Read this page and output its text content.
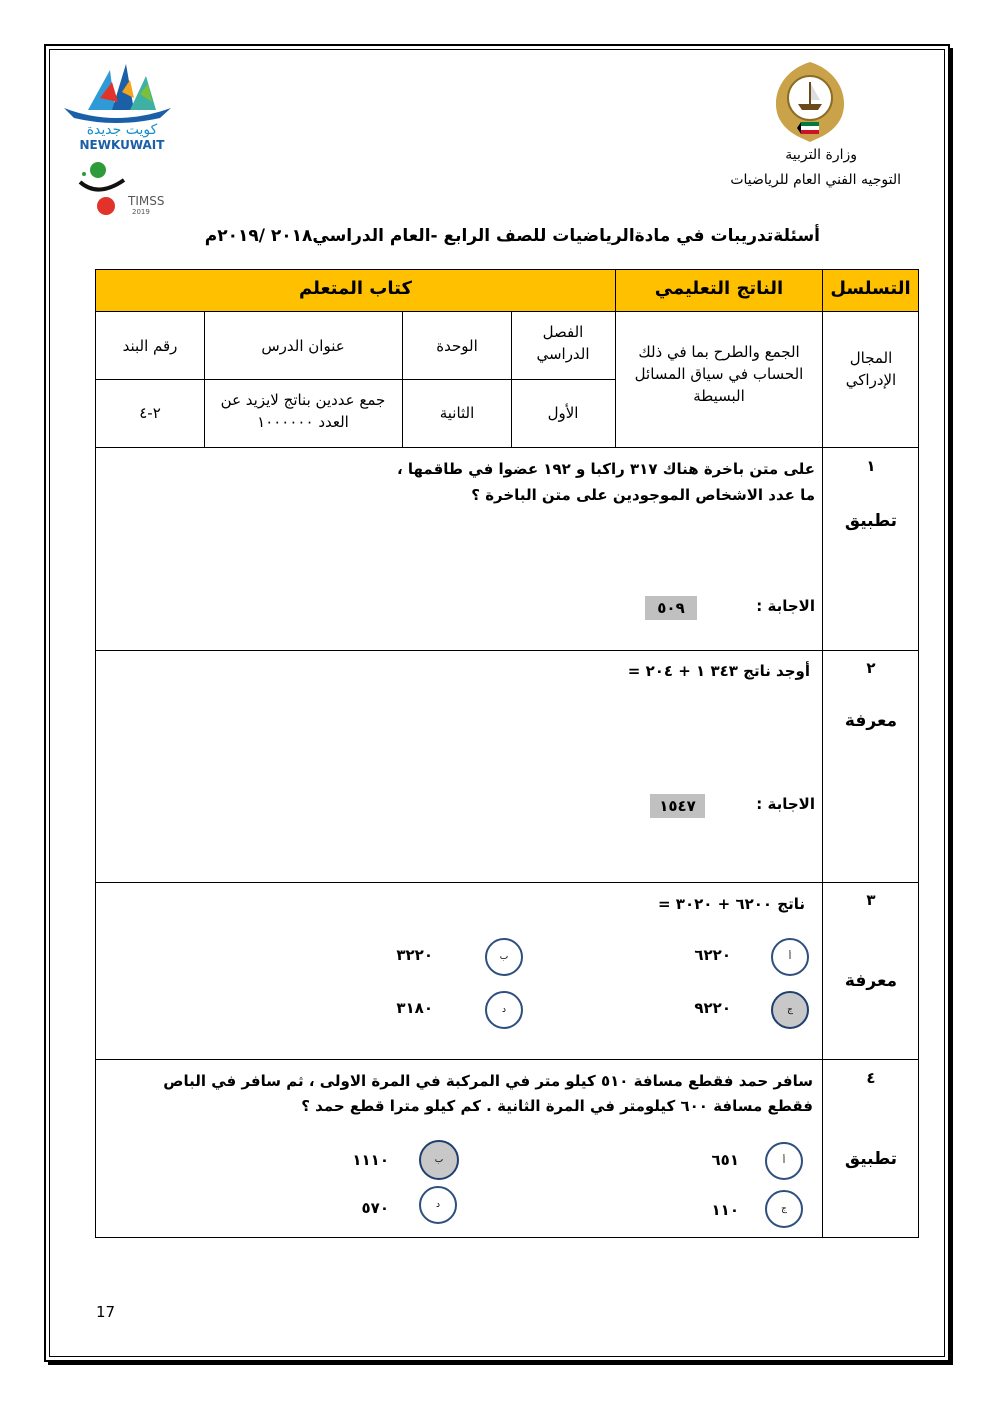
كويت جديدة
NEWKUWAIT
TIMSS
2019
وزارة التربية
التوجيه الفني العام للرياضيات
أسئلةتدريبات في مادةالرياضيات للصف الرابع -العام الدراسي٢٠١٨ /٢٠١٩م
التسلسل
الناتج التعليمي
كتاب المتعلم
المجال الإدراكي
الجمع والطرح بما في ذلك الحساب في سياق المسائل البسيطة
الفصل الدراسي
الوحدة
عنوان الدرس
رقم البند
الأول
الثانية
جمع عددين بناتج لايزيد عن العدد ١٠٠٠٠٠٠
٢-٤
١
تطبيق
على متن باخرة هناك ٣١٧ راكبا و ١٩٢ عضوا في طاقمها ،
ما عدد الاشخاص الموجودين على متن الباخرة ؟
الاجابة :
٥٠٩
٢
معرفة
أوجد ناتج ٣٤٣ ١ + ٢٠٤ =
الاجابة :
١٥٤٧
٣
معرفة
ناتج ٦٢٠٠ + ٣٠٢٠ =
أ
٦٢٢٠
ب
٣٢٢٠
ج
٩٢٢٠
د
٣١٨٠
٤
تطبيق
سافر حمد فقطع مسافة ٥١٠ كيلو متر في المركبة في المرة الاولى ، ثم سافر في الباص
فقطع مسافة ٦٠٠ كيلومتر في المرة الثانية . كم كيلو مترا قطع حمد ؟
أ
٦٥١
ب
١١١٠
ج
١١٠
د
٥٧٠
17
